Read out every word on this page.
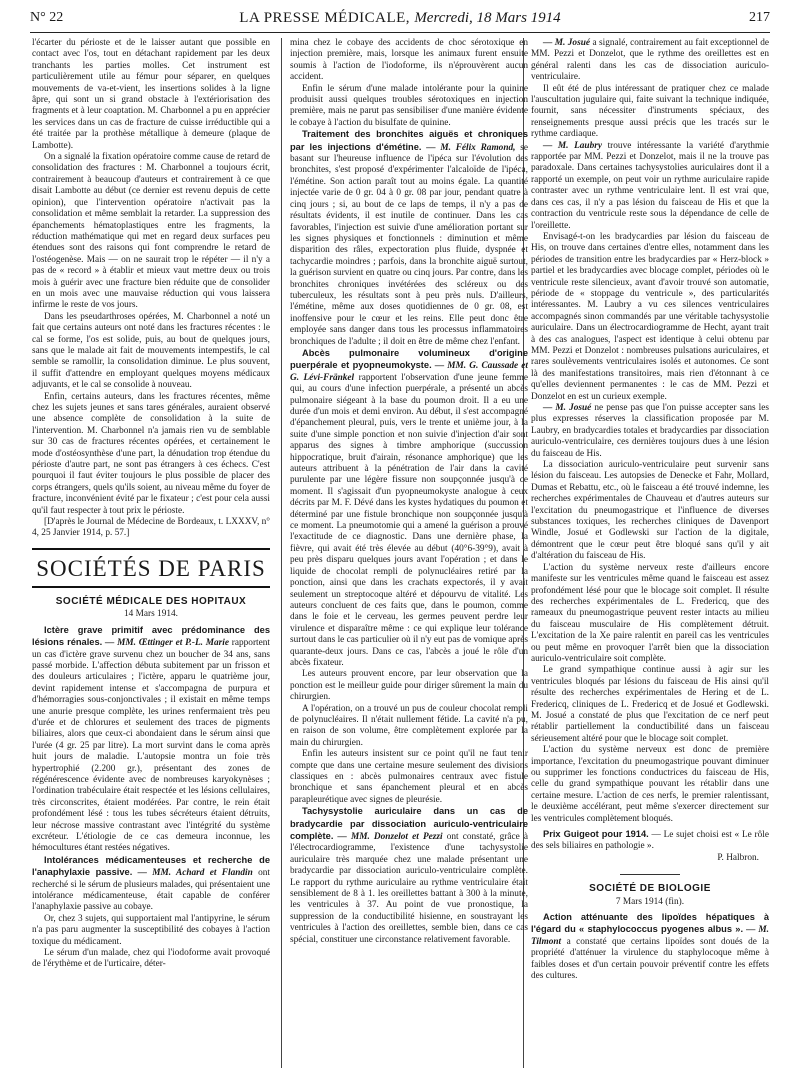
N° 22	LA PRESSE MÉDICALE, Mercredi, 18 Mars 1914	217

l'écarter du périoste et de le laisser autant que possible en contact avec l'os, tout en détachant rapidement par les deux tranchants les parties molles. Cet instrument est particulièrement utile au fémur pour séparer, en quelques mouvements de va-et-vient, les insertions solides à la ligne âpre, qui sont un si grand obstacle à l'extériorisation des fragments et à leur coaptation. M. Charbonnel a pu en apprécier les services dans un cas de fracture de cuisse irréductible qui a été traitée par la prothèse métallique à demeure (plaque de Lambotte).

On a signalé la fixation opératoire comme cause de retard de consolidation des fractures : M. Charbonnel a toujours écrit, contrairement à beaucoup d'auteurs et contrairement à ce que disait Lambotte au début (ce dernier est revenu depuis de cette opinion), que l'intervention opératoire n'activait pas la consolidation et même semblait la retarder. La suppression des épanchements hématoplastiques entre les fragments, la réduction mathématique qui met en regard deux surfaces peu étendues sont des raisons qui font comprendre le retard de l'ostéogenèse. Mais — on ne saurait trop le répéter — il n'y a pas de « record » à établir et mieux vaut mettre deux ou trois mois à guérir avec une fracture bien réduite que de consolider en un mois avec une mauvaise réduction qui vous laissera infirme le reste de vos jours.

Dans les pseudarthroses opérées, M. Charbonnel a noté un fait que certains auteurs ont noté dans les fractures récentes : le cal se forme, l'os est solide, puis, au bout de quelques jours, sans que le malade ait fait de mouvements intempestifs, le cal semble se ramollir, la consolidation diminue. Le plus souvent, il suffit d'attendre en employant quelques moyens médicaux adjuvants, et le cal se consolide à nouveau.

Enfin, certains auteurs, dans les fractures récentes, même chez les sujets jeunes et sans tares générales, auraient observé une absence complète de consolidation à la suite de l'intervention. M. Charbonnel n'a jamais rien vu de semblable sur 30 cas de fractures récentes opérées, et certainement le mode d'ostéosynthèse d'une part, la dénudation trop étendue du périoste d'autre part, ne sont pas étrangers à ces échecs. C'est pourquoi il faut éviter toujours le plus possible de placer des corps étrangers, quels qu'ils soient, au niveau même du foyer de fracture, inconvénient évité par le fixateur ; c'est pour cela aussi qu'il faut respecter à tout prix le périoste.

[D'après le Journal de Médecine de Bordeaux, t. LXXXV, n° 4, 25 Janvier 1914, p. 57.]

SOCIÉTÉS DE PARIS
SOCIÉTÉ MÉDICALE DES HOPITAUX
14 Mars 1914.

Ictère grave primitif avec prédominance des lésions rénales. — MM. Œttinger et P.-L. Marie rapportent un cas d'ictère grave survenu chez un boucher de 34 ans, sans passé morbide. L'affection débuta subitement par un frisson et des douleurs articulaires ; l'ictère, apparu le quatrième jour, devint rapidement intense et s'accompagna de purpura et d'hémorragies sous-conjonctivales ; il existait en même temps une anurie presque complète, les urines renfermaient très peu d'urée et de chlorures et seulement des traces de pigments biliaires, alors que ceux-ci abondaient dans le sérum ainsi que l'urée (4 gr. 25 par litre). La mort survint dans le coma après huit jours de maladie. L'autopsie montra un foie très hypertrophié (2.200 gr.), présentant des zones de régénérescence évidente avec de nombreuses karyokynèses ; l'ordination trabéculaire était respectée et les lésions cellulaires, très circonscrites, étaient modérées. Par contre, le rein était profondément lésé : tous les tubes sécréteurs étaient détruits, leur nécrose massive contrastant avec l'intégrité du système excréteur. L'étiologie de ce cas demeura inconnue, les hémocultures étant restées négatives.

Intolérances médicamenteuses et recherche de l'anaphylaxie passive. — MM. Achard et Flandin ont recherché si le sérum de plusieurs malades, qui présentaient une intolérance médicamenteuse, était capable de conférer l'anaphylaxie passive au cobaye.

Or, chez 3 sujets, qui supportaient mal l'antipyrine, le sérum n'a pas paru augmenter la susceptibilité des cobayes à l'action toxique du médicament.

Le sérum d'un malade, chez qui l'iodoforme avait provoqué de l'érythème et de l'urticaire, déter-

mina chez le cobaye des accidents de choc sérotoxique en injection première, mais, lorsque les animaux furent ensuite soumis à l'action de l'iodoforme, ils n'éprouvèrent aucun accident.

Enfin le sérum d'une malade intolérante pour la quinine produisit aussi quelques troubles sérotoxiques en injection première, mais ne parut pas sensibiliser d'une manière évidente le cobaye à l'action du bisulfate de quinine.

Traitement des bronchites aiguës et chroniques par les injections d'émétine. — M. Félix Ramond, se basant sur l'heureuse influence de l'ipéca sur l'évolution des bronchites, s'est proposé d'expérimenter l'alcaloïde de l'ipéca, l'émétine. Son action paraît tout au moins égale. La quantité injectée varie de 0 gr. 04 à 0 gr. 08 par jour, pendant quatre à cinq jours ; si, au bout de ce laps de temps, il n'y a pas de résultats évidents, il est inutile de continuer. Dans les cas favorables, l'injection est suivie d'une amélioration portant sur les signes physiques et fonctionnels : diminution et même disparition des râles, expectoration plus fluide, dyspnée et tachycardie moindres ; parfois, dans la bronchite aiguë surtout, la guérison survient en quatre ou cinq jours. Par contre, dans les bronchites chroniques invétérées des scléreux ou des tuberculeux, les résultats sont à peu près nuls. D'ailleurs, l'émétine, même aux doses quotidiennes de 0 gr. 08, est inoffensive pour le cœur et les reins. Elle peut donc être employée sans danger dans tous les processus inflammatoires bronchiques de l'adulte ; il doit en être de même chez l'enfant.

Abcès pulmonaire volumineux d'origine puerpérale et pyopneumokyste. — MM. G. Caussade et G. Lévi-Fränkel rapportent l'observation d'une jeune femme qui, au cours d'une infection puerpérale, a présenté un abcès pulmonaire siégeant à la base du poumon droit. Il a eu une durée d'un mois et demi environ. Au début, il s'est accompagné d'épanchement pleural, puis, vers le trente et unième jour, à la suite d'une simple ponction et non suivie d'injection d'air sont apparus des signes à timbre amphorique (succussion hippocratique, bruit d'airain, résonance amphorique) que les auteurs attribuent à la pénétration de l'air dans la cavité purulente par une légère fissure non soupçonnée jusqu'à ce moment. Il s'agissait d'un pyopneumokyste analogue à ceux décrits par M. F. Dévé dans les kystes hydatiques du poumon et déterminé par une fistule bronchique non soupçonnée jusqu'à ce moment. La pneumotomie qui a amené la guérison a prouvé l'exactitude de ce diagnostic. Dans une dernière phase, la fièvre, qui avait été très élevée au début (40°6-39°9), avait à peu près disparu quelques jours avant l'opération ; et dans le liquide de chocolat rempli de polynucléaires retiré par la ponction, ainsi que dans les crachats expectorés, il y avait seulement un streptocoque altéré et dépourvu de vitalité. Les auteurs concluent de ces faits que, dans le poumon, comme dans le foie et le cerveau, les germes peuvent perdre leur virulence et disparaître même : ce qui explique leur tolérance surtout dans le cas particulier où il n'y eut pas de vomique après quarante-deux jours. Dans ce cas, l'abcès a joué le rôle d'un abcès fixateur.

Les auteurs prouvent encore, par leur observation que la ponction est le meilleur guide pour diriger sûrement la main du chirurgien.

A l'opération, on a trouvé un pus de couleur chocolat rempli de polynucléaires. Il n'était nullement fétide. La cavité n'a pu, en raison de son volume, être complètement explorée par la main du chirurgien.

Enfin les auteurs insistent sur ce point qu'il ne faut tenir compte que dans une certaine mesure seulement des divisions classiques en : abcès pulmonaires centraux avec fistule bronchique et sans épanchement pleural et en abcès parapleurétique avec signes de pleurésie.

Tachysystolie auriculaire dans un cas de bradycardie par dissociation auriculo-ventriculaire complète. — MM. Donzelot et Pezzi ont constaté, grâce à l'électrocardiogramme, l'existence d'une tachysystolie auriculaire très marquée chez une malade présentant une bradycardie par dissociation auriculo-ventriculaire complète. Le rapport du rythme auriculaire au rythme ventriculaire était sensiblement de 8 à 1. les oreillettes battant à 300 à la minute, les ventricules à 37. Au point de vue pronostique, la suppression de la conductibilité hisienne, en soustrayant les ventricules à l'action des oreillettes, semble bien, dans ce cas spécial, constituer une circonstance relativement favorable.

— M. Josué a signalé, contrairement au fait exceptionnel de MM. Pezzi et Donzelot, que le rythme des oreillettes est en général ralenti dans les cas de dissociation auriculo-ventriculaire.

Il eût été de plus intéressant de pratiquer chez ce malade l'auscultation jugulaire qui, faite suivant la technique indiquée, fournit, sans nécessiter d'instruments spéciaux, des renseignements presque aussi précis que les tracés sur le rythme cardiaque.

— M. Laubry trouve intéressante la variété d'arythmie rapportée par MM. Pezzi et Donzelot, mais il ne la trouve pas paradoxale. Dans certaines tachysystolies auriculaires dont il a rapporté un exemple, on peut voir un rythme auriculaire rapide contraster avec un rythme ventriculaire lent. Il est vrai que, dans ces cas, il n'y a pas lésion du faisceau de His et que la contraction du ventricule reste sous la dépendance de celle de l'oreillette.

Envisagé-t-on les bradycardies par lésion du faisceau de His, on trouve dans certaines d'entre elles, notamment dans les périodes de transition entre les bradycardies par « Herz-block » partiel et les bradycardies avec blocage complet, périodes où le ventricule reste silencieux, avant d'avoir trouvé son automatie, période de « stoppage du ventricule », des particularités intéressantes. M. Laubry a vu ces silences ventriculaires accompagnés sinon commandés par une véritable tachysystolie auriculaire. Dans un électrocardiogramme de Hecht, ayant trait à des cas analogues, l'aspect est identique à celui obtenu par MM. Pezzi et Donzelot : nombreuses pulsations auriculaires, et rares soulèvements ventriculaires isolés et autonomes. Ce sont là des manifestations transitoires, mais rien d'étonnant à ce qu'elles deviennent permanentes : le cas de MM. Pezzi et Donzelot en est un curieux exemple.

— M. Josué ne pense pas que l'on puisse accepter sans les plus expresses réserves la classification proposée par M. Laubry, en bradycardies totales et bradycardies par dissociation auriculo-ventriculaire, ces dernières toujours dues à une lésion du faisceau de His.

La dissociation auriculo-ventriculaire peut survenir sans lésion du faisceau. Les autopsies de Denecke et Fahr, Mollard, Dumas et Rebattu, etc., où le faisceau a été trouvé indemne, les recherches expérimentales de Chauveau et d'autres auteurs sur l'excitation du pneumogastrique et l'influence de diverses substances toxiques, les recherches cliniques de Davenport Windle, Josué et Godlewski sur l'action de la digitale, démontrent que le cœur peut être bloqué sans qu'il y ait d'altération du faisceau de His.

L'action du système nerveux reste d'ailleurs encore manifeste sur les ventricules même quand le faisceau est assez profondément lésé pour que le blocage soit complet. Il résulte des recherches expérimentales de L. Fredericq, que des rameaux du pneumogastrique peuvent rester intacts au milieu du faisceau musculaire de His complètement détruit. L'excitation de la Xe paire ralentit en pareil cas les ventricules ou peut même en provoquer l'arrêt bien que la dissociation auriculo-ventriculaire soit complète.

Le grand sympathique continue aussi à agir sur les ventricules bloqués par lésions du faisceau de His ainsi qu'il résulte des recherches expérimentales de Hering et de L. Fredericq, cliniques de L. Fredericq et de Josué et Godlewski. M. Josué a constaté de plus que l'excitation de ce nerf peut rétablir partiellement la conductibilité dans un faisceau sérieusement altéré pour que le blocage soit complet.

L'action du système nerveux est donc de première importance, l'excitation du pneumogastrique pouvant diminuer ou supprimer les fonctions conductrices du faisceau de His, celle du grand sympathique pouvant les rétablir dans une certaine mesure. L'action de ces nerfs, le premier ralentissant, le deuxième accélérant, peut même s'exercer directement sur les ventricules complètement bloqués.

Prix Guigeot pour 1914. — Le sujet choisi est « Le rôle des sels biliaires en pathologie ».

P. Halbron.
SOCIÉTÉ DE BIOLOGIE
7 Mars 1914 (fin).

Action atténuante des lipoïdes hépatiques à l'égard du « staphylococcus pyogenes albus ». — M. Tilmont a constaté que certains lipoïdes sont doués de la propriété d'atténuer la virulence du staphylocoque même à faibles doses et d'un certain pouvoir préventif contre les effets des cultures.
